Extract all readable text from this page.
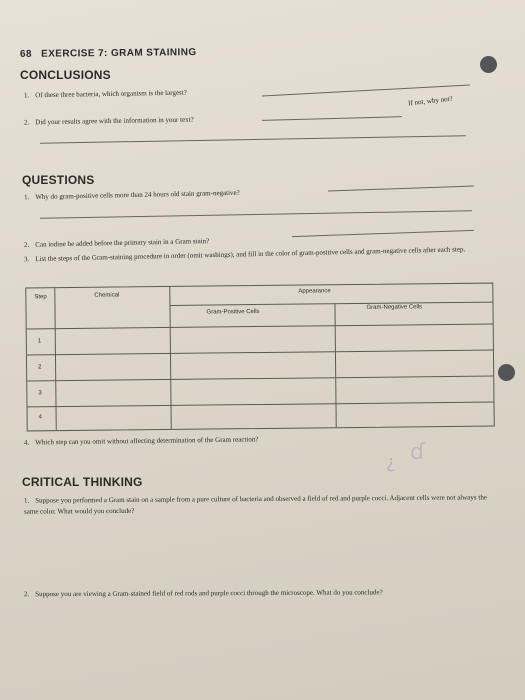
68 EXERCISE 7: GRAM STAINING
CONCLUSIONS
1. Of these three bacteria, which organism is the largest?
2. Did your results agree with the information in your text?
If not, why not?
QUESTIONS
1. Why do gram-positive cells more than 24 hours old stain gram-negative?
2. Can iodine be added before the primary stain in a Gram stain?
3. List the steps of the Gram-staining procedure in order (omit washings), and fill in the color of gram-positive cells and gram-negative cells after each step.
Step	Chemical
Appearance
Gram-Positive Cells
Gram-Negative Cells
1
2
3
4
4. Which step can you omit without affecting determination of the Gram reaction?
CRITICAL THINKING
1. Suppose you performed a Gram stain on a sample from a pure culture of bacteria and observed a field of red and purple cocci. Adjacent cells were not always the same color. What would you conclude?
2. Suppose you are viewing a Gram-stained field of red rods and purple cocci through the microscope. What do you conclude?
¿ ɗ
